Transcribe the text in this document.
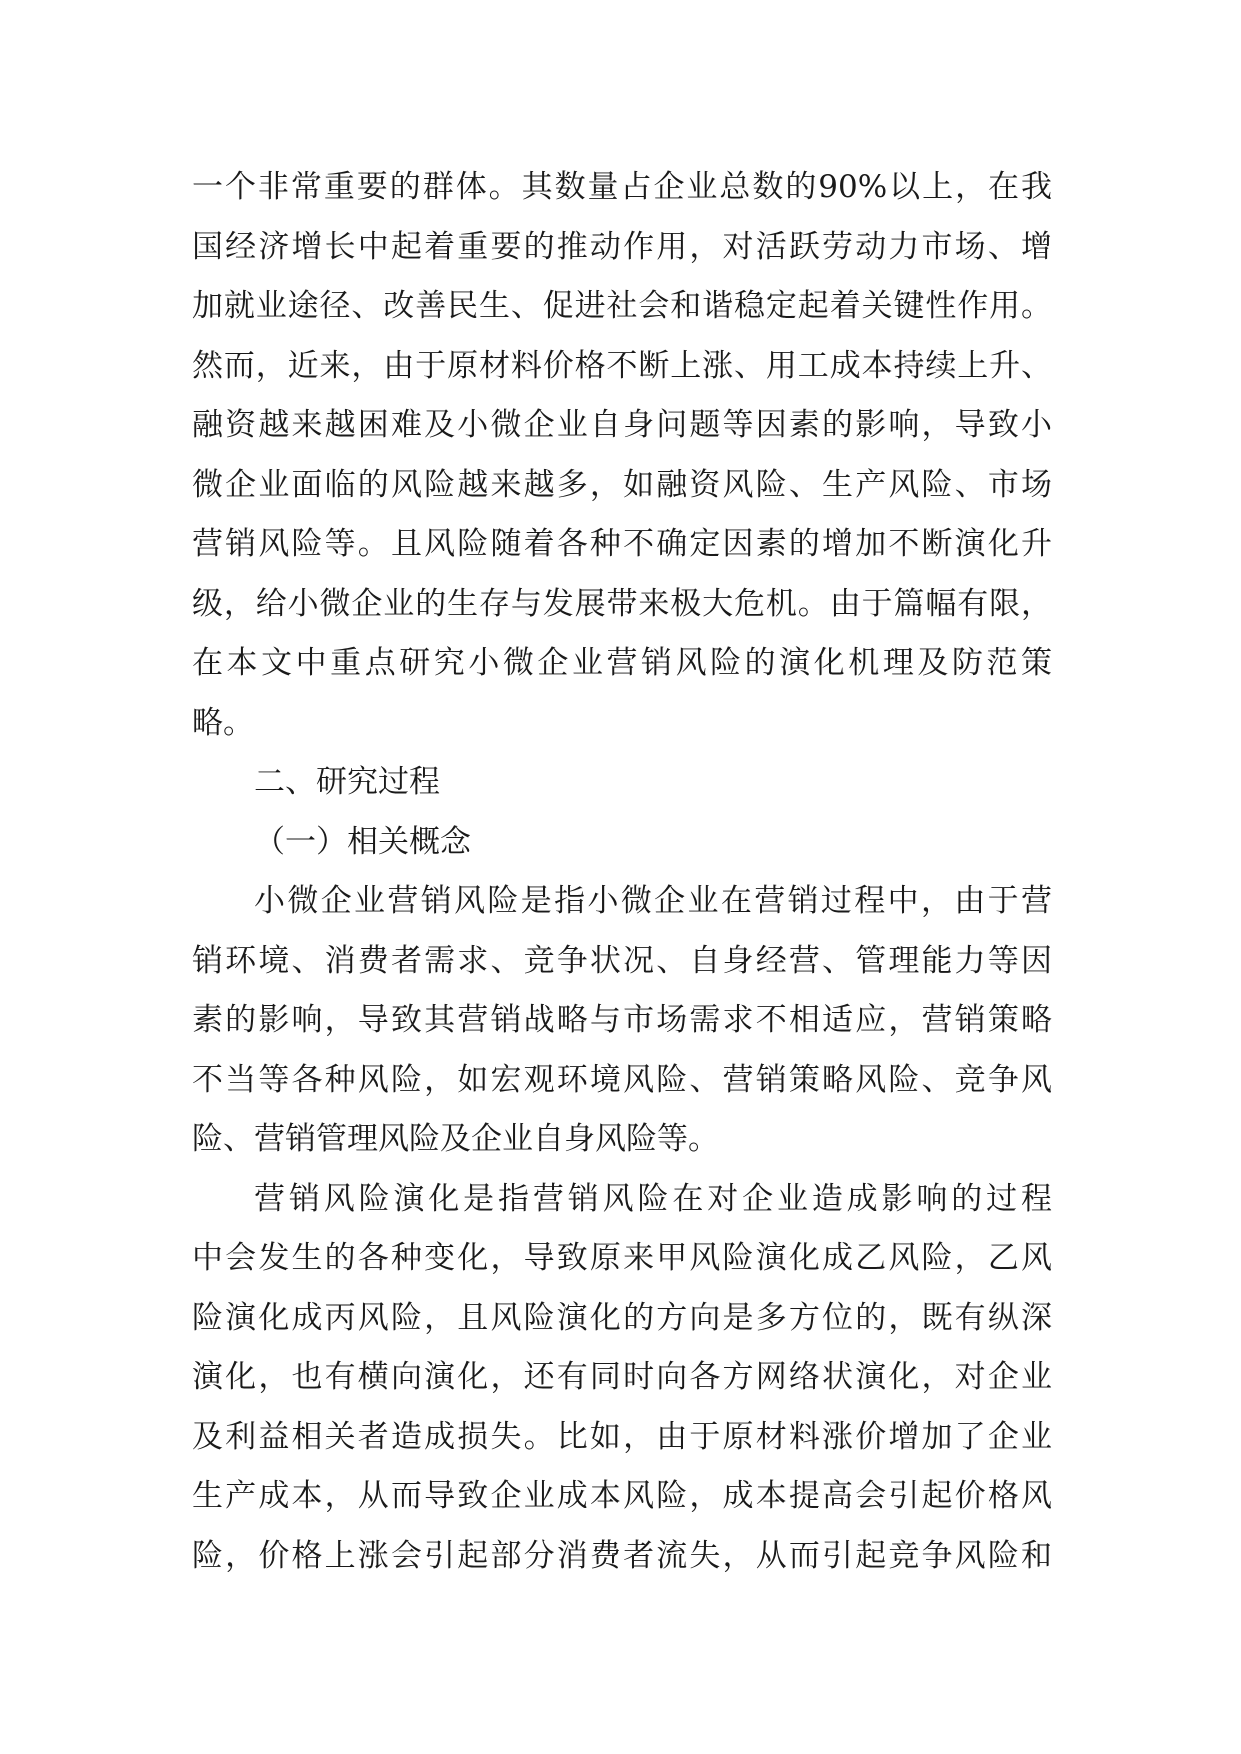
一个非常重要的群体。其数量占企业总数的90%以上，在我
国经济增长中起着重要的推动作用，对活跃劳动力市场、增
加就业途径、改善民生、促进社会和谐稳定起着关键性作用。
然而，近来，由于原材料价格不断上涨、用工成本持续上升、
融资越来越困难及小微企业自身问题等因素的影响，导致小
微企业面临的风险越来越多，如融资风险、生产风险、市场
营销风险等。且风险随着各种不确定因素的增加不断演化升
级，给小微企业的生存与发展带来极大危机。由于篇幅有限，
在本文中重点研究小微企业营销风险的演化机理及防范策
略。
二、研究过程
（一）相关概念
小微企业营销风险是指小微企业在营销过程中，由于营
销环境、消费者需求、竞争状况、自身经营、管理能力等因
素的影响，导致其营销战略与市场需求不相适应，营销策略
不当等各种风险，如宏观环境风险、营销策略风险、竞争风
险、营销管理风险及企业自身风险等。
营销风险演化是指营销风险在对企业造成影响的过程
中会发生的各种变化，导致原来甲风险演化成乙风险，乙风
险演化成丙风险，且风险演化的方向是多方位的，既有纵深
演化，也有横向演化，还有同时向各方网络状演化，对企业
及利益相关者造成损失。比如，由于原材料涨价增加了企业
生产成本，从而导致企业成本风险，成本提高会引起价格风
险，价格上涨会引起部分消费者流失，从而引起竞争风险和
